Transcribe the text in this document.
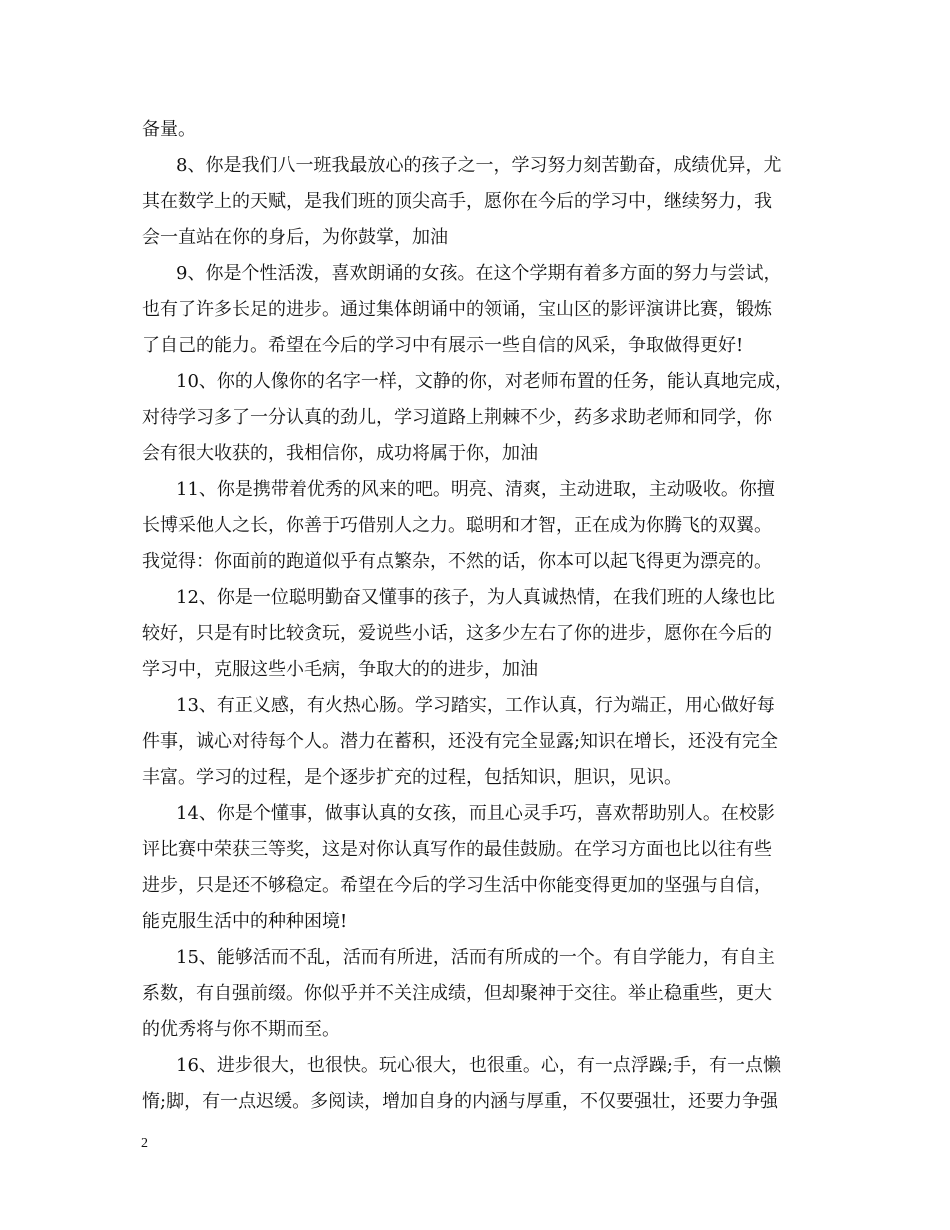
备量。
8、你是我们八一班我最放心的孩子之一，学习努力刻苦勤奋，成绩优异，尤
其在数学上的天赋，是我们班的顶尖高手，愿你在今后的学习中，继续努力，我
会一直站在你的身后，为你鼓掌，加油
9、你是个性活泼，喜欢朗诵的女孩。在这个学期有着多方面的努力与尝试，
也有了许多长足的进步。通过集体朗诵中的领诵，宝山区的影评演讲比赛，锻炼
了自己的能力。希望在今后的学习中有展示一些自信的风采，争取做得更好!
10、你的人像你的名字一样，文静的你，对老师布置的任务，能认真地完成，
对待学习多了一分认真的劲儿，学习道路上荆棘不少，药多求助老师和同学，你
会有很大收获的，我相信你，成功将属于你，加油
11、你是携带着优秀的风来的吧。明亮、清爽，主动进取，主动吸收。你擅
长博采他人之长，你善于巧借别人之力。聪明和才智，正在成为你腾飞的双翼。
我觉得：你面前的跑道似乎有点繁杂，不然的话，你本可以起飞得更为漂亮的。
12、你是一位聪明勤奋又懂事的孩子，为人真诚热情，在我们班的人缘也比
较好，只是有时比较贪玩，爱说些小话，这多少左右了你的进步，愿你在今后的
学习中，克服这些小毛病，争取大的的进步，加油
13、有正义感，有火热心肠。学习踏实，工作认真，行为端正，用心做好每
件事，诚心对待每个人。潜力在蓄积，还没有完全显露;知识在增长，还没有完全
丰富。学习的过程，是个逐步扩充的过程，包括知识，胆识，见识。
14、你是个懂事，做事认真的女孩，而且心灵手巧，喜欢帮助别人。在校影
评比赛中荣获三等奖，这是对你认真写作的最佳鼓励。在学习方面也比以往有些
进步，只是还不够稳定。希望在今后的学习生活中你能变得更加的坚强与自信，
能克服生活中的种种困境!
15、能够活而不乱，活而有所进，活而有所成的一个。有自学能力，有自主
系数，有自强前缀。你似乎并不关注成绩，但却聚神于交往。举止稳重些，更大
的优秀将与你不期而至。
16、进步很大，也很快。玩心很大，也很重。心，有一点浮躁;手，有一点懒
惰;脚，有一点迟缓。多阅读，增加自身的内涵与厚重，不仅要强壮，还要力争强
2
